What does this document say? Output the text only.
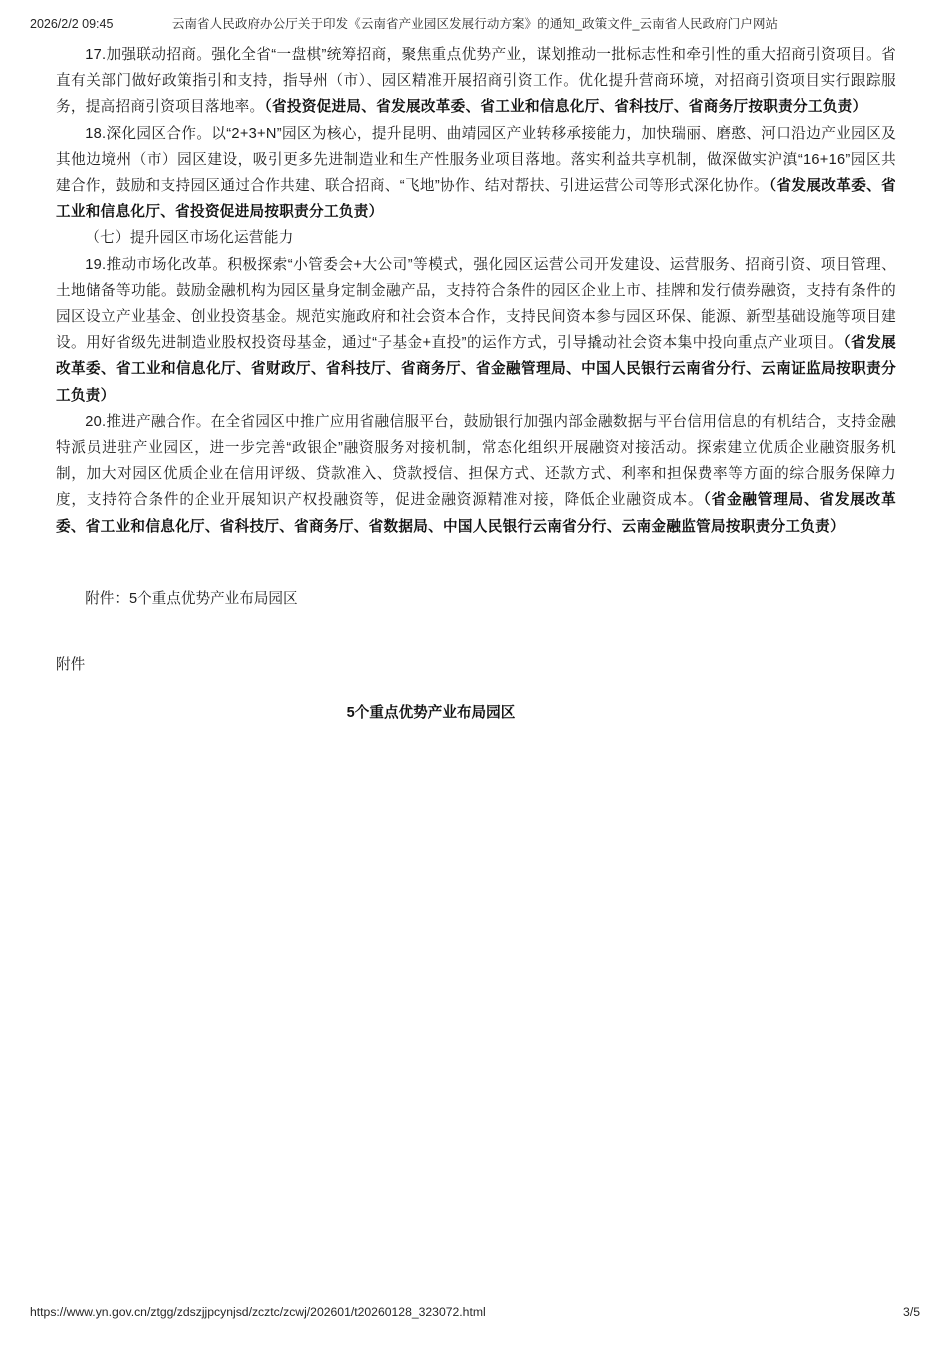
2026/2/2 09:45	云南省人民政府办公厅关于印发《云南省产业园区发展行动方案》的通知_政策文件_云南省人民政府门户网站

17.加强联动招商。强化全省“一盘棋”统筹招商，聚焦重点优势产业，谋划推动一批标志性和牵引性的重大招商引资项目。省直有关部门做好政策指引和支持，指导州（市）、园区精准开展招商引资工作。优化提升营商环境，对招商引资项目实行跟踪服务，提高招商引资项目落地率。（省投资促进局、省发展改革委、省工业和信息化厅、省科技厅、省商务厅按职责分工负责）

18.深化园区合作。以“2+3+N”园区为核心，提升昆明、曲靖园区产业转移承接能力，加快瑞丽、磨憨、河口沿边产业园区及其他边境州（市）园区建设，吸引更多先进制造业和生产性服务业项目落地。落实利益共享机制，做深做实沪滇“16+16”园区共建合作，鼓励和支持园区通过合作共建、联合招商、“飞地”协作、结对帮扶、引进运营公司等形式深化协作。（省发展改革委、省工业和信息化厅、省投资促进局按职责分工负责）

（七）提升园区市场化运营能力

19.推动市场化改革。积极探索“小管委会+大公司”等模式，强化园区运营公司开发建设、运营服务、招商引资、项目管理、土地储备等功能。鼓励金融机构为园区量身定制金融产品，支持符合条件的园区企业上市、挂牌和发行债券融资，支持有条件的园区设立产业基金、创业投资基金。规范实施政府和社会资本合作，支持民间资本参与园区环保、能源、新型基础设施等项目建设。用好省级先进制造业股权投资母基金，通过“子基金+直投”的运作方式，引导撬动社会资本集中投向重点产业项目。（省发展改革委、省工业和信息化厅、省财政厅、省科技厅、省商务厅、省金融管理局、中国人民银行云南省分行、云南证监局按职责分工负责）

20.推进产融合作。在全省园区中推广应用省融信服平台，鼓励银行加强内部金融数据与平台信用信息的有机结合，支持金融特派员进驻产业园区，进一步完善“政银企”融资服务对接机制，常态化组织开展融资对接活动。探索建立优质企业融资服务机制，加大对园区优质企业在信用评级、贷款准入、贷款授信、担保方式、还款方式、利率和担保费率等方面的综合服务保障力度，支持符合条件的企业开展知识产权投融资等，促进金融资源精准对接，降低企业融资成本。（省金融管理局、省发展改革委、省工业和信息化厅、省科技厅、省商务厅、省数据局、中国人民银行云南省分行、云南金融监管局按职责分工负责）

附件：5个重点优势产业布局园区

附件

5个重点优势产业布局园区

https://www.yn.gov.cn/ztgg/zdszjjpcynjsd/zcztc/zcwj/202601/t20260128_323072.html	3/5
